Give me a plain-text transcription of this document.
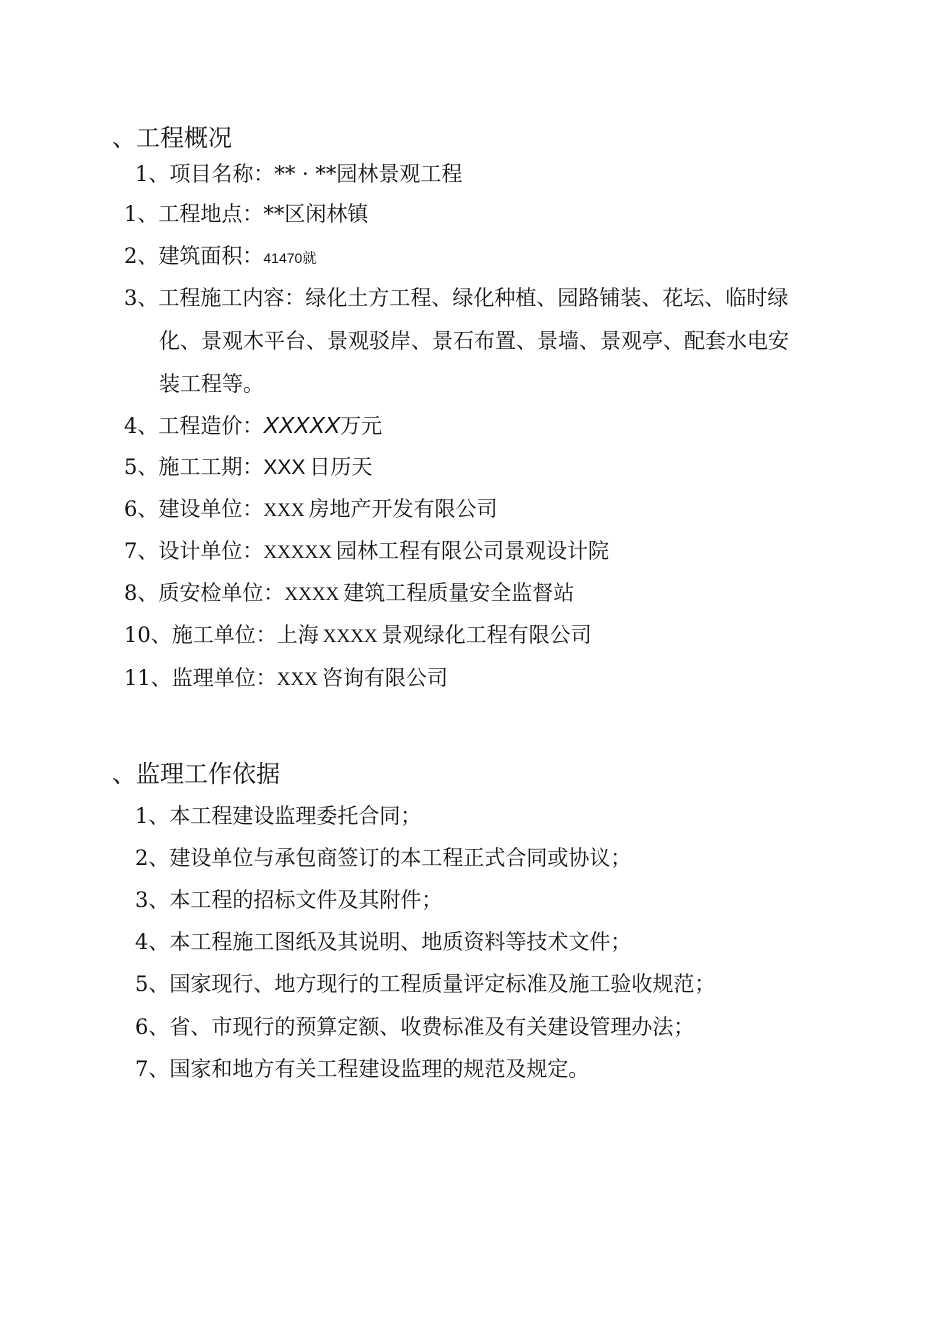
、工程概况
1、项目名称：** · **园林景观工程
1、工程地点：**区闲林镇
2、建筑面积：41470就
3、工程施工内容：绿化土方工程、绿化种植、园路铺装、花坛、临时绿
化、景观木平台、景观驳岸、景石布置、景墙、景观亭、配套水电安
装工程等。
4、工程造价：XXXXX万元
5、施工工期：XXX 日历天
6、建设单位：XXX 房地产开发有限公司
7、设计单位：XXXXX 园林工程有限公司景观设计院
8、质安检单位：XXXX 建筑工程质量安全监督站
10、施工单位：上海 XXXX 景观绿化工程有限公司
11、监理单位：XXX 咨询有限公司
、监理工作依据
1、本工程建设监理委托合同；
2、建设单位与承包商签订的本工程正式合同或协议；
3、本工程的招标文件及其附件；
4、本工程施工图纸及其说明、地质资料等技术文件；
5、国家现行、地方现行的工程质量评定标准及施工验收规范；
6、省、市现行的预算定额、收费标准及有关建设管理办法；
7、国家和地方有关工程建设监理的规范及规定。
